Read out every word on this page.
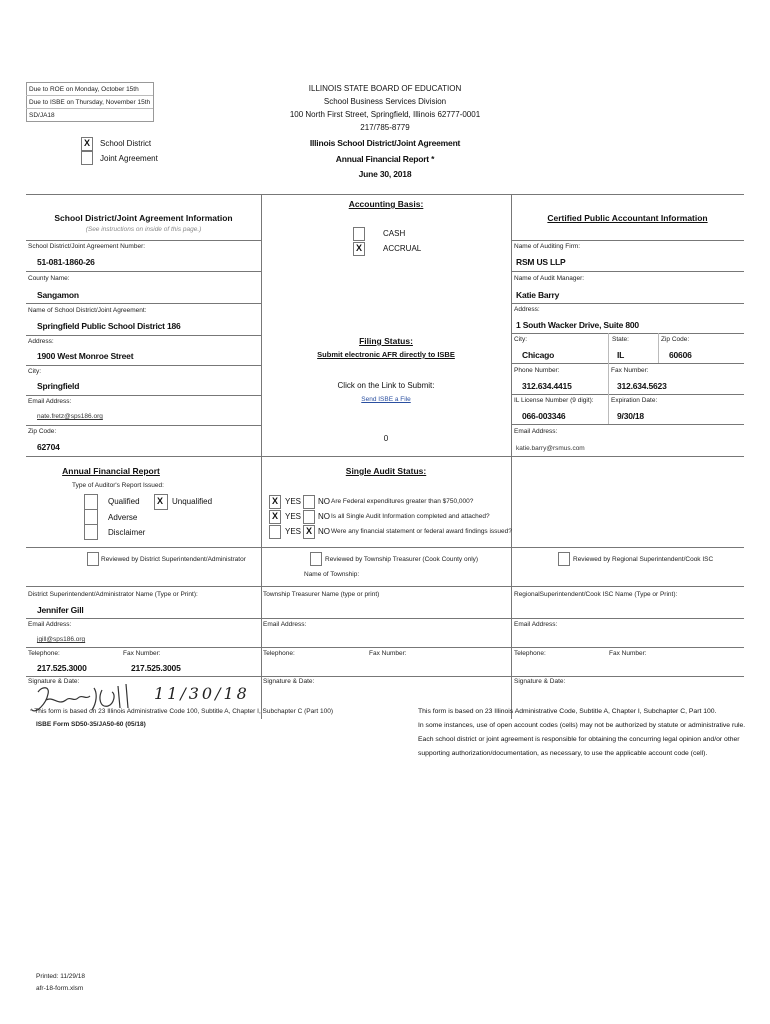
Due to ROE on Monday, October 15th
Due to ISBE on Thursday, November 15th
SD/JA18
X School District
Joint Agreement
ILLINOIS STATE BOARD OF EDUCATION
School Business Services Division
100 North First Street, Springfield, Illinois 62777-0001
217/785-8779
Illinois School District/Joint Agreement
Annual Financial Report *
June 30, 2018
School District/Joint Agreement Information
(See instructions on inside of this page.)
School District/Joint Agreement Number:
51-081-1860-26
County Name:
Sangamon
Name of School District/Joint Agreement:
Springfield Public School District 186
Address:
1900 West Monroe Street
City:
Springfield
Email Address:
nate.fretz@sps186.org
Zip Code:
62704
Accounting Basis:
CASH
X	ACCRUAL
Filing Status:
Submit electronic AFR directly to ISBE
Click on the Link to Submit:
Send ISBE a File
0
Certified Public Accountant Information
Name of Auditing Firm:
RSM US LLP
Name of Audit Manager:
Katie Barry
Address:
1 South Wacker Drive, Suite 800
City:	State:	Zip Code:
Chicago	IL	60606
Phone Number:	Fax Number:
312.634.4415	312.634.5623
IL License Number (9 digit):	Expiration Date:
066-003346	9/30/18
Email Address:
katie.barry@rsmus.com
Annual Financial Report
Type of Auditor's Report Issued:
Qualified X Unqualified
Adverse
Disclaimer
Single Audit Status:
X YES NO Are Federal expenditures greater than $750,000?
X YES NO Is all Single Audit Information completed and attached?
YES X NO Were any financial statement or federal award findings issued?
Reviewed by District Superintendent/Administrator	Reviewed by Township Treasurer (Cook County only)
Name of Township:
Reviewed by Regional Superintendent/Cook ISC
District Superintendent/Administrator Name (Type or Print):
Jennifer Gill
Email Address:
jgill@sps186.org
Telephone:	Fax Number:
217.525.3000	217.525.3005
Signature & Date:
11/30/18
Township Treasurer Name (type or print)
Email Address:
Telephone:	Fax Number:
Signature & Date:
RegionalSuperintendent/Cook ISC Name (Type or Print):
Email Address:
Telephone:	Fax Number:
Signature & Date:
* This form is based on 23 Illinois Administrative Code 100, Subtitle A, Chapter I, Subchapter C (Part 100)
ISBE Form SD50-35/JA50-60 (05/18)
This form is based on 23 Illinois Administrative Code, Subtitle A, Chapter I, Subchapter C, Part 100.
In some instances, use of open account codes (cells) may not be authorized by statute or administrative rule.
Each school district or joint agreement is responsible for obtaining the concurring legal opinion and/or other
supporting authorization/documentation, as necessary, to use the applicable account code (cell).
Printed: 11/29/18
afr-18-form.xlsm
